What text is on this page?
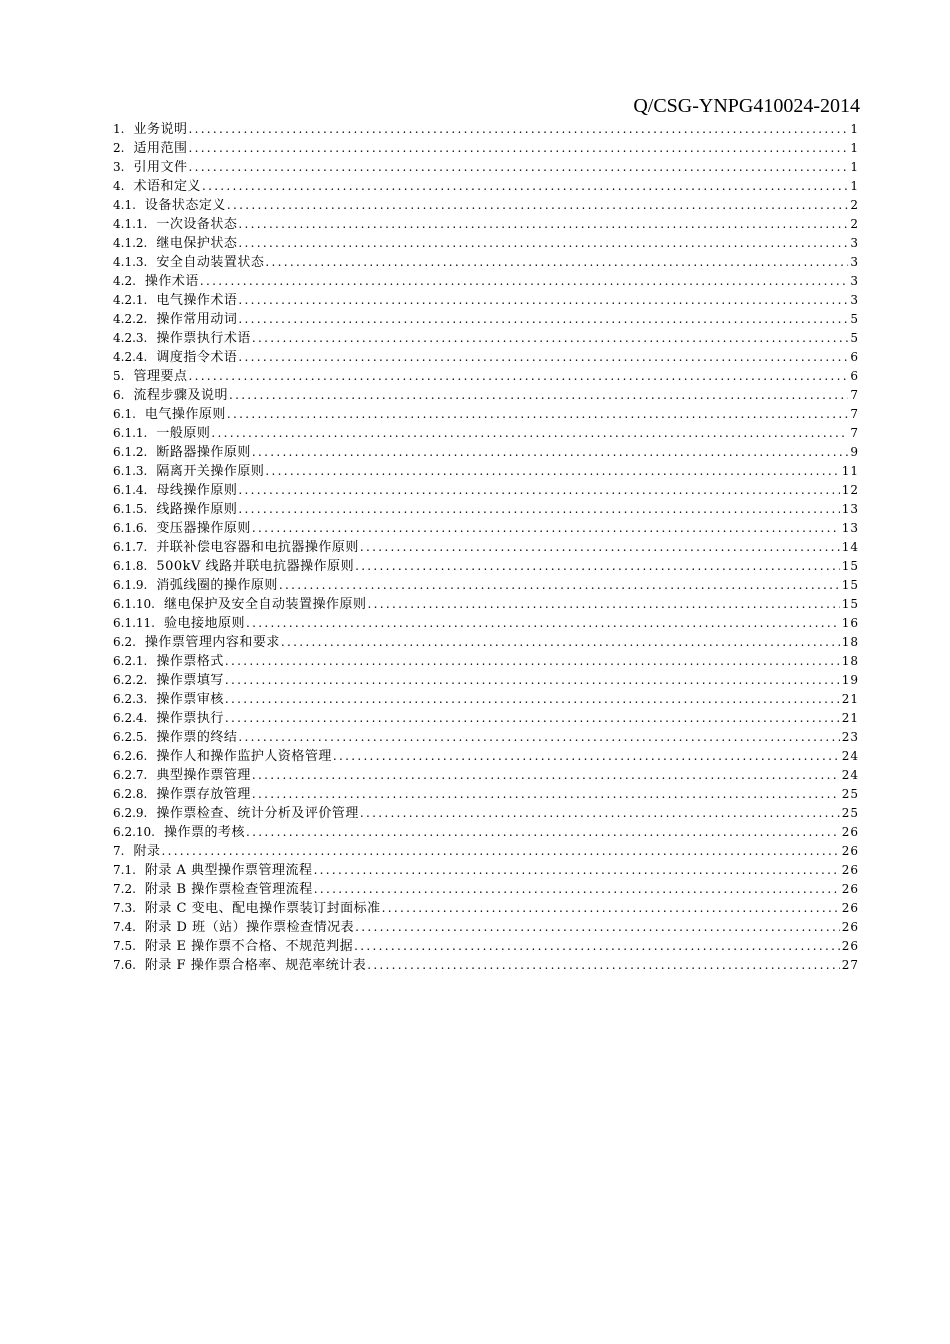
Q/CSG-YNPG410024-2014
1. 业务说明 .....	1
2. 适用范围 .....	1
3. 引用文件 .....	1
4. 术语和定义 .....	1
4.1. 设备状态定义 .....	2
4.1.1. 一次设备状态 .....	2
4.1.2. 继电保护状态 .....	3
4.1.3. 安全自动装置状态 .....	3
4.2. 操作术语 .....	3
4.2.1. 电气操作术语 .....	3
4.2.2. 操作常用动词 .....	5
4.2.3. 操作票执行术语 .....	5
4.2.4. 调度指令术语 .....	6
5. 管理要点 .....	6
6. 流程步骤及说明 .....	7
6.1. 电气操作原则 .....	7
6.1.1. 一般原则 .....	7
6.1.2. 断路器操作原则 .....	9
6.1.3. 隔离开关操作原则 .....	11
6.1.4. 母线操作原则 .....	12
6.1.5. 线路操作原则 .....	13
6.1.6. 变压器操作原则 .....	13
6.1.7. 并联补偿电容器和电抗器操作原则 .....	14
6.1.8. 500kV 线路并联电抗器操作原则 .....	15
6.1.9. 消弧线圈的操作原则 .....	15
6.1.10. 继电保护及安全自动装置操作原则 .....	15
6.1.11. 验电接地原则 .....	16
6.2. 操作票管理内容和要求 .....	18
6.2.1. 操作票格式 .....	18
6.2.2. 操作票填写 .....	19
6.2.3. 操作票审核 .....	21
6.2.4. 操作票执行 .....	21
6.2.5. 操作票的终结 .....	23
6.2.6. 操作人和操作监护人资格管理 .....	24
6.2.7. 典型操作票管理 .....	24
6.2.8. 操作票存放管理 .....	25
6.2.9. 操作票检查、统计分析及评价管理 .....	25
6.2.10. 操作票的考核 .....	26
7. 附录 .....	26
7.1. 附录 A 典型操作票管理流程 .....	26
7.2. 附录 B 操作票检查管理流程 .....	26
7.3. 附录 C 变电、配电操作票装订封面标准 .....	26
7.4. 附录 D 班（站）操作票检查情况表 .....	26
7.5. 附录 E 操作票不合格、不规范判据 .....	26
7.6. 附录 F 操作票合格率、规范率统计表 .....	27
